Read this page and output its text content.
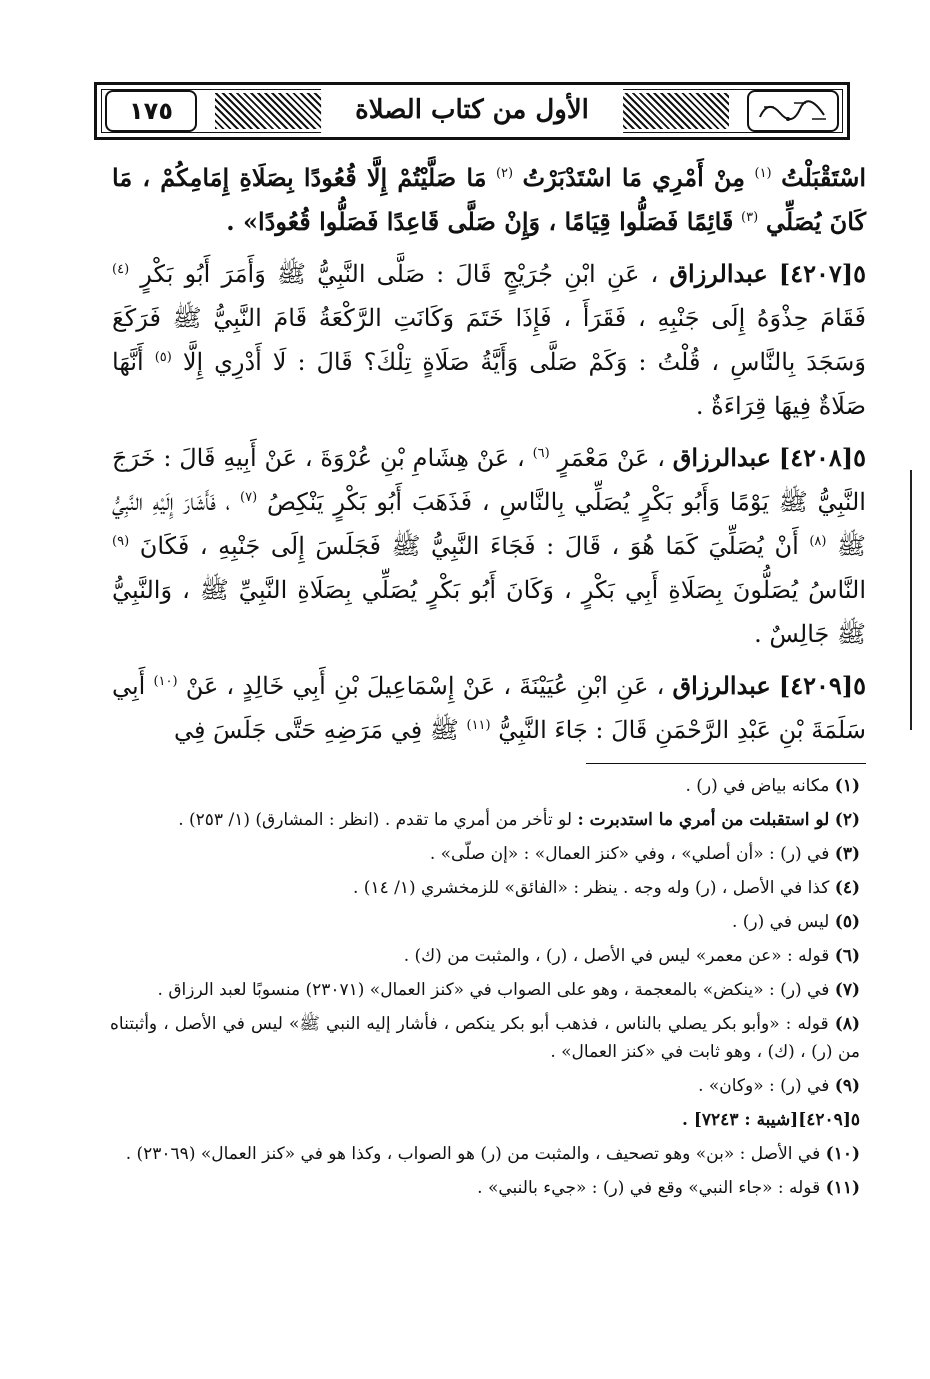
الأول من كتاب الصلاة
١٧٥

اسْتَقْبَلْتُ $^{(١)}$ مِنْ أَمْرِي مَا اسْتَدْبَرْتُ $^{(٢)}$ مَا صَلَّيْتُمْ إِلَّا قُعُودًا بِصَلَاةِ إِمَامِكُمْ ، مَا كَانَ يُصَلِّي $^{(٣)}$ قَائِمًا فَصَلُّوا قِيَامًا ، وَإِنْ صَلَّى قَاعِدًا فَصَلُّوا قُعُودًا» .

٥[٤٢٠٧] عبدالرزاق ، عَنِ ابْنِ جُرَيْجٍ قَالَ : صَلَّى النَّبِيُّ ﷺ وَأَمَرَ أَبُو بَكْرٍ $^{(٤)}$ فَقَامَ حِذْوَهُ إِلَى جَنْبِهِ ، فَقَرَأَ ، فَإِذَا خَتَمَ وَكَانَتِ الرَّكْعَةُ قَامَ النَّبِيُّ ﷺ فَرَكَعَ وَسَجَدَ بِالنَّاسِ ، قُلْتُ : وَكَمْ صَلَّى وَأَيَّةُ صَلَاةٍ تِلْكَ؟ قَالَ : لَا أَدْرِي إِلَّا $^{(٥)}$ أَنَّهَا صَلَاةٌ فِيهَا قِرَاءَةٌ .

٥[٤٢٠٨] عبدالرزاق ، عَنْ مَعْمَرٍ $^{(٦)}$ ، عَنْ هِشَامِ بْنِ عُرْوَةَ ، عَنْ أَبِيهِ قَالَ : خَرَجَ النَّبِيُّ ﷺ يَوْمًا وَأَبُو بَكْرٍ يُصَلِّي بِالنَّاسِ ، فَذَهَبَ أَبُو بَكْرٍ يَنْكِصُ $^{(٧)}$ ، فَأَشَارَ إِلَيْهِ النَّبِيُّ ﷺ $^{(٨)}$ أَنْ يُصَلِّيَ كَمَا هُوَ ، قَالَ : فَجَاءَ النَّبِيُّ ﷺ فَجَلَسَ إِلَى جَنْبِهِ ، فَكَانَ $^{(٩)}$ النَّاسُ يُصَلُّونَ بِصَلَاةِ أَبِي بَكْرٍ ، وَكَانَ أَبُو بَكْرٍ يُصَلِّي بِصَلَاةِ النَّبِيِّ ﷺ ، وَالنَّبِيُّ ﷺ جَالِسٌ .

٥[٤٢٠٩] عبدالرزاق ، عَنِ ابْنِ عُيَيْنَةَ ، عَنْ إِسْمَاعِيلَ بْنِ أَبِي خَالِدٍ ، عَنْ $^{(١٠)}$ أَبِي سَلَمَةَ بْنِ عَبْدِ الرَّحْمَنِ قَالَ : جَاءَ النَّبِيُّ $^{(١١)}$ ﷺ فِي مَرَضِهِ حَتَّى جَلَسَ فِي

(١) مكانه بياض في (ر) .

(٢) لو استقبلت من أمري ما استدبرت : لو تأخر من أمري ما تقدم . (انظر : المشارق) (١/ ٢٥٣) .

(٣) في (ر) : «أن أصلي» ، وفي «كنز العمال» : «إن صلّى» .

(٤) كذا في الأصل ، (ر) وله وجه . ينظر : «الفائق» للزمخشري (١/ ١٤) .

(٥) ليس في (ر) .

(٦) قوله : «عن معمر» ليس في الأصل ، (ر) ، والمثبت من (ك) .

(٧) في (ر) : «ينكض» بالمعجمة ، وهو على الصواب في «كنز العمال» (٢٣٠٧١) منسوبًا لعبد الرزاق .

(٨) قوله : «وأبو بكر يصلي بالناس ، فذهب أبو بكر ينكص ، فأشار إليه النبي ﷺ» ليس في الأصل ، وأثبتناه من (ر) ، (ك) ، وهو ثابت في «كنز العمال» .

(٩) في (ر) : «وكان» .

٥[٤٢٠٩][شيبة : ٧٢٤٣] .

(١٠) في الأصل : «بن» وهو تصحيف ، والمثبت من (ر) هو الصواب ، وكذا هو في «كنز العمال» (٢٣٠٦٩) .

(١١) قوله : «جاء النبي» وقع في (ر) : «جيء بالنبي» .
